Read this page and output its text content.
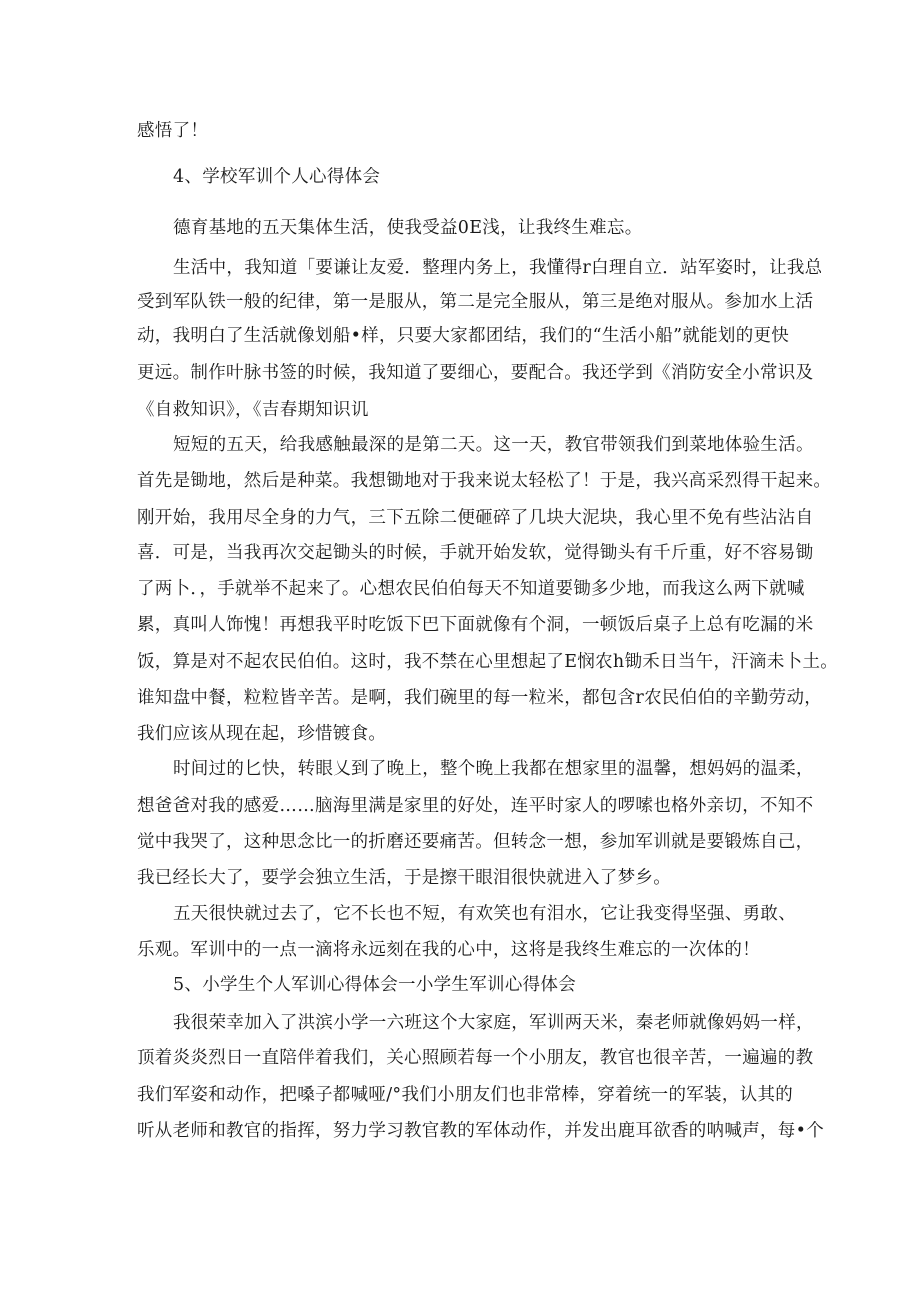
感悟了！
4、学校军训个人心得体会
德育基地的五天集体生活，使我受益0E浅，让我终生难忘。
生活中，我知道「要谦让友爱．整理内务上，我懂得r白理自立．站军姿时，让我总
受到军队铁一般的纪律，第一是服从，第二是完全服从，第三是绝对服从。参加水上活
动，我明白了生活就像划船•样，只要大家都团结，我们的“生活小船”就能划的更快
更远。制作叶脉书签的时候，我知道了要细心，要配合。我还学到《消防安全小常识及
《自救知识》，《吉春期知识讥
短短的五天，给我感触最深的是第二天。这一天，教官带领我们到菜地体验生活。
首先是锄地，然后是种菜。我想锄地对于我来说太轻松了！于是，我兴高采烈得干起来。
刚开始，我用尽全身的力气，三下五除二便砸碎了几块大泥块，我心里不免有些沾沾自
喜．可是，当我再次交起锄头的时候，手就开始发软，觉得锄头有千斤重，好不容易锄
了两卜．，手就举不起来了。心想农民伯伯每天不知道要锄多少地，而我这么两下就喊
累，真叫人饰愧！再想我平时吃饭下巴下面就像有个洞，一顿饭后桌子上总有吃漏的米
饭，算是对不起农民伯伯。这时，我不禁在心里想起了E悯农h锄禾日当午，汗滴未卜土。
谁知盘中餐，粒粒皆辛苦。是啊，我们碗里的每一粒米，都包含r农民伯伯的辛勤劳动，
我们应该从现在起，珍惜镀食。
时间过的匕快，转眼乂到了晚上，整个晚上我都在想家里的温馨，想妈妈的温柔，
想爸爸对我的感爱……脑海里满是家里的好处，连平时家人的啰嗦也格外亲切，不知不
觉中我哭了，这种思念比一的折磨还要痛苦。但转念一想，参加军训就是要锻炼自己，
我已经长大了，要学会独立生活，于是擦干眼泪很快就进入了梦乡。
五天很快就过去了，它不长也不短，有欢笑也有泪水，它让我变得坚强、勇敢、
乐观。军训中的一点一滴将永远刻在我的心中，这将是我终生难忘的一次体的！
5、小学生个人军训心得体会一小学生军训心得体会
我很荣幸加入了洪滨小学一六班这个大家庭，军训两天米，秦老师就像妈妈一样，
顶着炎炎烈日一直陪伴着我们，关心照顾若每一个小朋友，教官也很辛苦，一遍遍的教
我们军姿和动作，把嗓子都喊哑/°我们小朋友们也非常棒，穿着统一的军装，认其的
听从老师和教官的指挥，努力学习教官教的军体动作，并发出鹿耳欲香的呐喊声，每•个
